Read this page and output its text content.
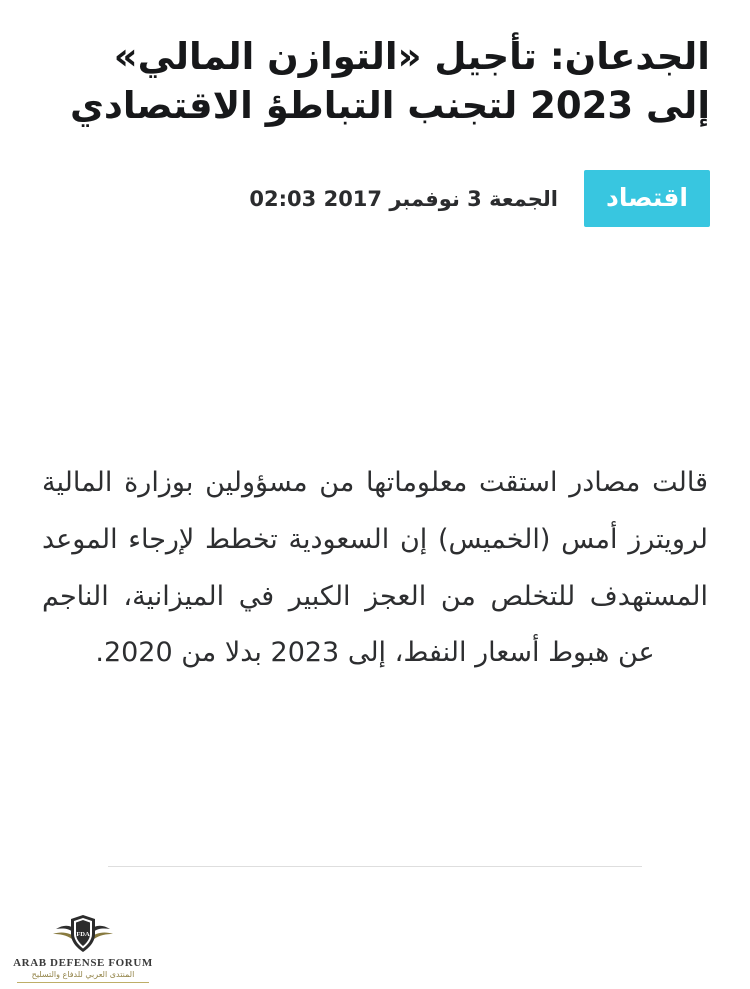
الجدعان: تأجيل «التوازن المالي» إلى 2023 لتجنب التباطؤ الاقتصادي
اقتصاد
الجمعة 3 نوفمبر 2017 02:03

قالت مصادر استقت معلوماتها من مسؤولين بوزارة المالية لرويترز أمس (الخميس) إن السعودية تخطط لإرجاء الموعد المستهدف للتخلص من العجز الكبير في الميزانية، الناجم عن هبوط أسعار النفط، إلى 2023 بدلا من 2020.

FDA
ARAB DEFENSE FORUM
المنتدى العربي للدفاع والتسليح
